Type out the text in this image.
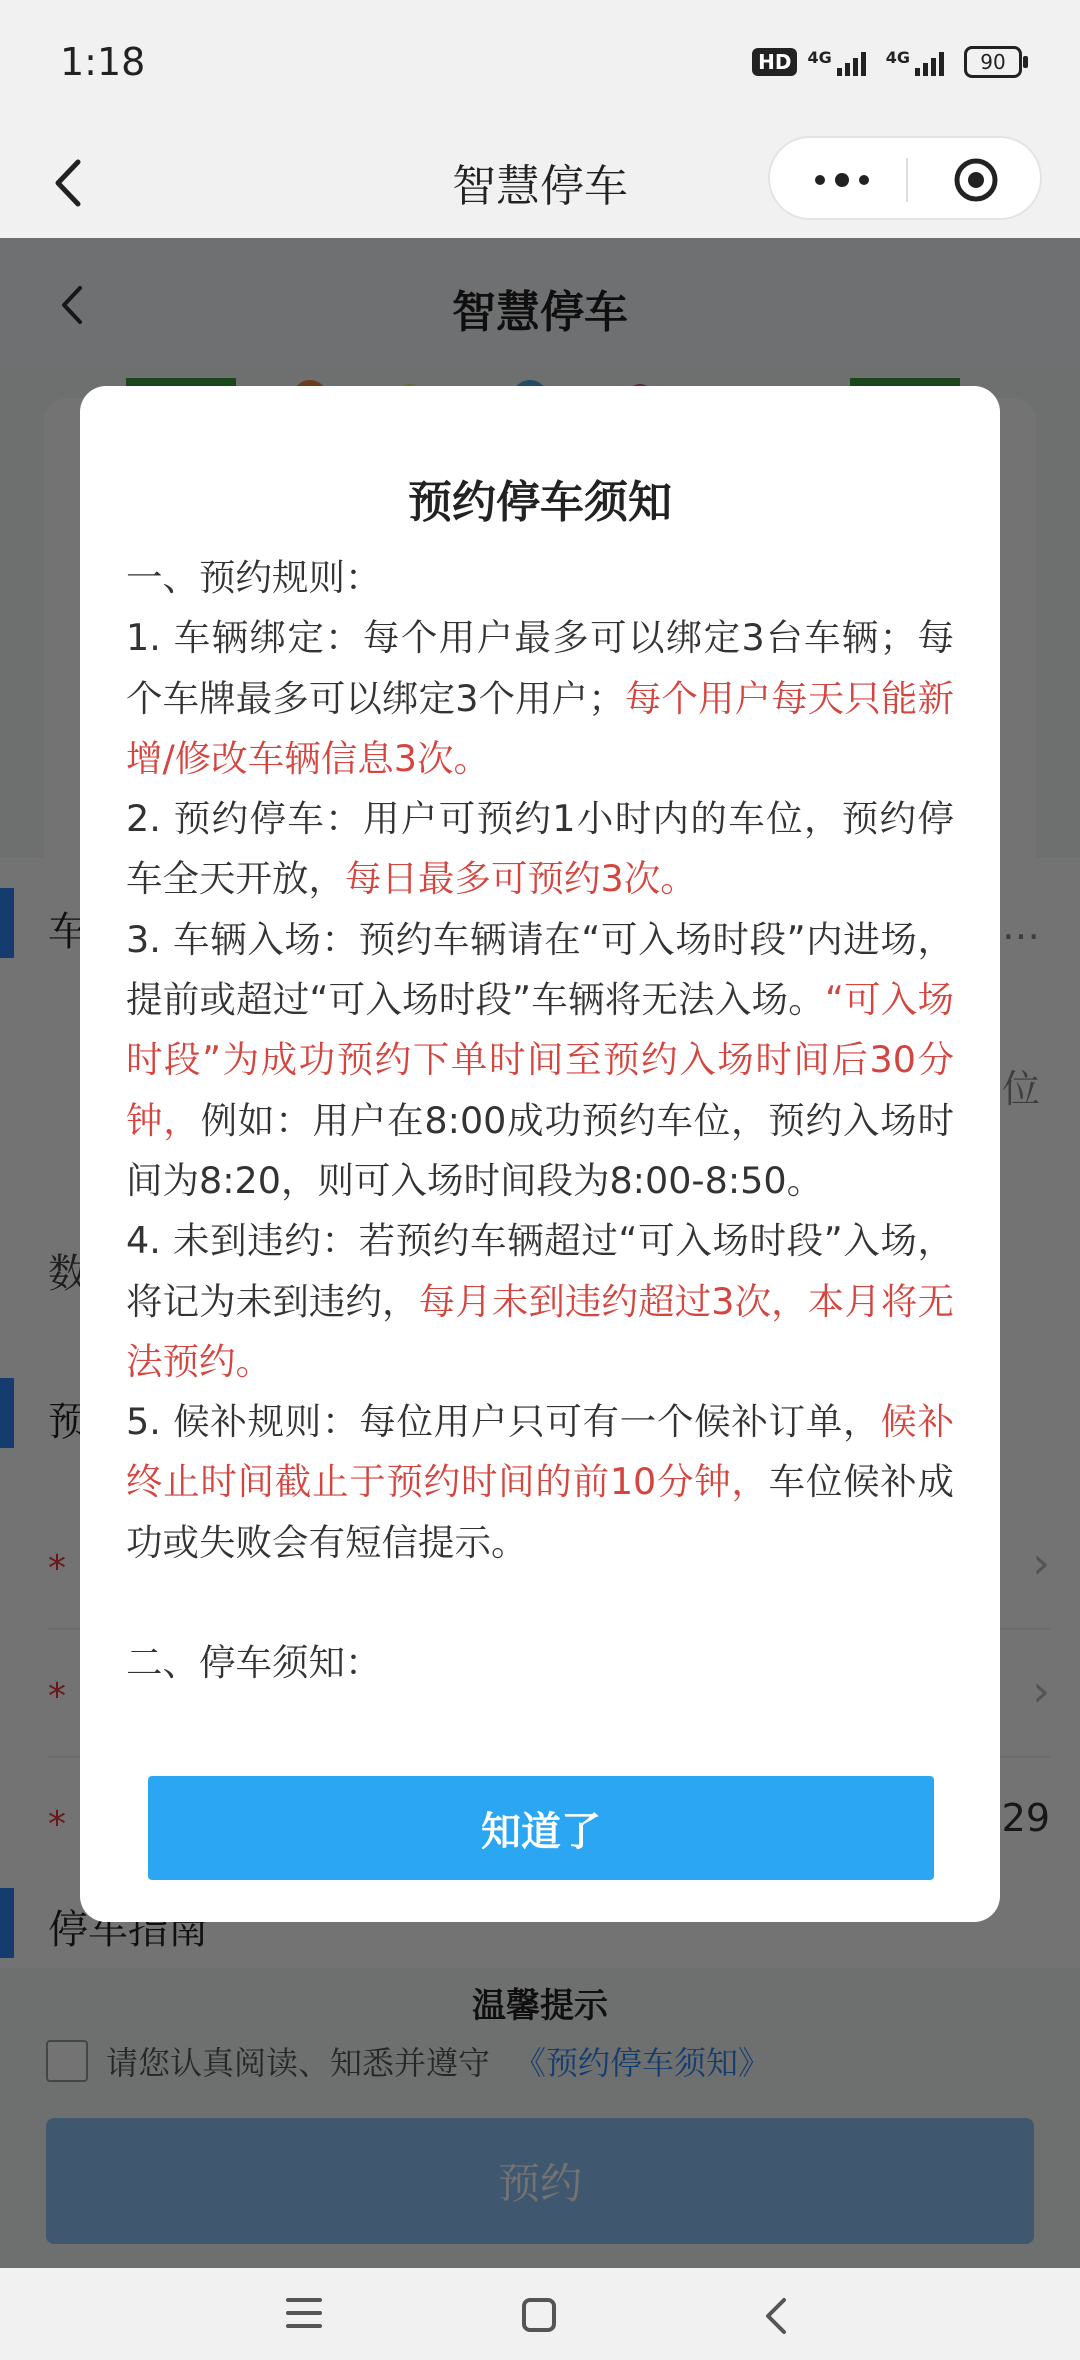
1:18	HD	4G	4G	90
智慧停车
预约停车须知

一、预约规则：

1. 车辆绑定：每个用户最多可以绑定3台车辆；每个车牌最多可以绑定3个用户；每个用户每天只能新增/修改车辆信息3次。

2. 预约停车：用户可预约1小时内的车位，预约停车全天开放，每日最多可预约3次。

3. 车辆入场：预约车辆请在“可入场时段”内进场，提前或超过“可入场时段”车辆将无法入场。“可入场时段”为成功预约下单时间至预约入场时间后30分钟，例如：用户在8:00成功预约车位，预约入场时间为8:20，则可入场时间段为8:00-8:50。

4. 未到违约：若预约车辆超过“可入场时段”入场，将记为未到违约，每月未到违约超过3次，本月将无法预约。

5. 候补规则：每位用户只可有一个候补订单，候补终止时间截止于预约时间的前10分钟，车位候补成功或失败会有短信提示。

二、停车须知：

知道了
